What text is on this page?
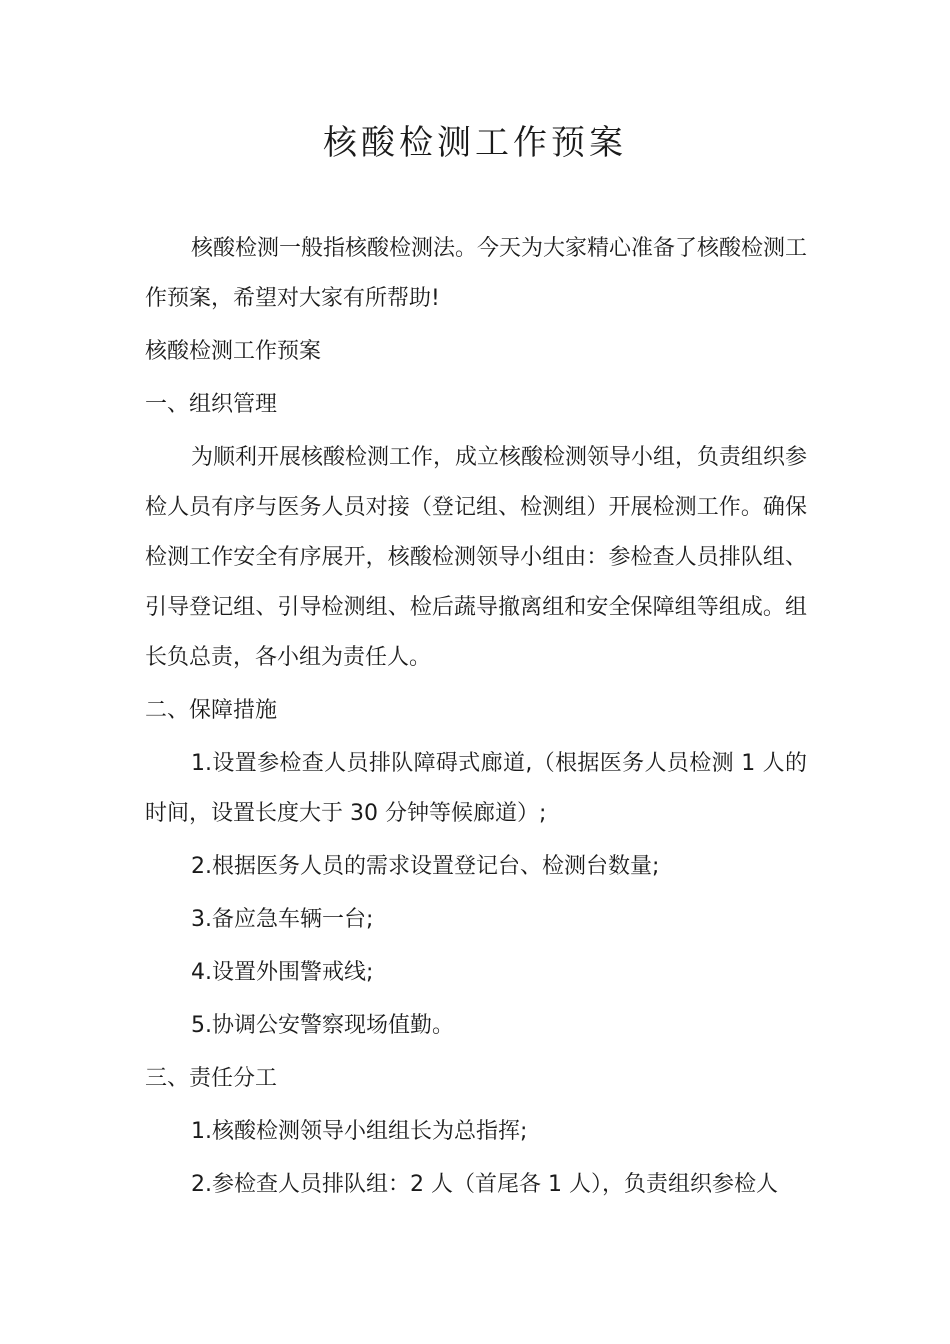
核酸检测工作预案

核酸检测一般指核酸检测法。今天为大家精心准备了核酸检测工作预案，希望对大家有所帮助!

核酸检测工作预案

一、组织管理

为顺利开展核酸检测工作，成立核酸检测领导小组，负责组织参检人员有序与医务人员对接（登记组、检测组）开展检测工作。确保检测工作安全有序展开，核酸检测领导小组由：参检查人员排队组、引导登记组、引导检测组、检后蔬导撤离组和安全保障组等组成。组长负总责，各小组为责任人。

二、保障措施

1.设置参检查人员排队障碍式廊道,（根据医务人员检测 1 人的时间，设置长度大于 30 分钟等候廊道）;

2.根据医务人员的需求设置登记台、检测台数量;

3.备应急车辆一台;

4.设置外围警戒线;

5.协调公安警察现场值勤。

三、责任分工

1.核酸检测领导小组组长为总指挥;

2.参检查人员排队组：2 人（首尾各 1 人），负责组织参检人
